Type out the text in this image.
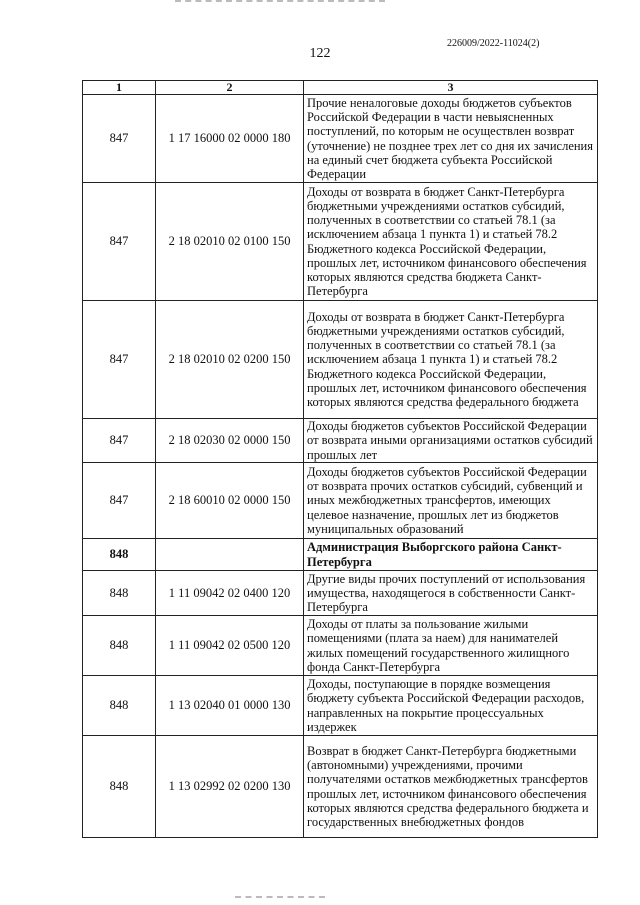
226009/2022-11024(2)
122
1	2	3
847	1 17 16000 02 0000 180	Прочие неналоговые доходы бюджетов субъектов Российской Федерации в части невыясненных поступлений, по которым не осуществлен возврат (уточнение) не позднее трех лет со дня их зачисления на единый счет бюджета субъекта Российской Федерации
847	2 18 02010 02 0100 150	Доходы от возврата в бюджет Санкт-Петербурга бюджетными учреждениями остатков субсидий, полученных в соответствии со статьей 78.1 (за исключением абзаца 1 пункта 1) и статьей 78.2 Бюджетного кодекса Российской Федерации, прошлых лет, источником финансового обеспечения которых являются средства бюджета Санкт-Петербурга
847	2 18 02010 02 0200 150	Доходы от возврата в бюджет Санкт-Петербурга бюджетными учреждениями остатков субсидий, полученных в соответствии со статьей 78.1 (за исключением абзаца 1 пункта 1) и статьей 78.2 Бюджетного кодекса Российской Федерации, прошлых лет, источником финансового обеспечения которых являются средства федерального бюджета
847	2 18 02030 02 0000 150	Доходы бюджетов субъектов Российской Федерации от возврата иными организациями остатков субсидий прошлых лет
847	2 18 60010 02 0000 150	Доходы бюджетов субъектов Российской Федерации от возврата прочих остатков субсидий, субвенций и иных межбюджетных трансфертов, имеющих целевое назначение, прошлых лет из бюджетов муниципальных образований
848		Администрация Выборгского района Санкт-Петербурга
848	1 11 09042 02 0400 120	Другие виды прочих поступлений от использования имущества, находящегося в собственности Санкт-Петербурга
848	1 11 09042 02 0500 120	Доходы от платы за пользование жилыми помещениями (плата за наем) для нанимателей жилых помещений государственного жилищного фонда Санкт-Петербурга
848	1 13 02040 01 0000 130	Доходы, поступающие в порядке возмещения бюджету субъекта Российской Федерации расходов, направленных на покрытие процессуальных издержек
848	1 13 02992 02 0200 130	Возврат в бюджет Санкт-Петербурга бюджетными (автономными) учреждениями, прочими получателями остатков межбюджетных трансфертов прошлых лет, источником финансового обеспечения которых являются средства федерального бюджета и государственных внебюджетных фондов
